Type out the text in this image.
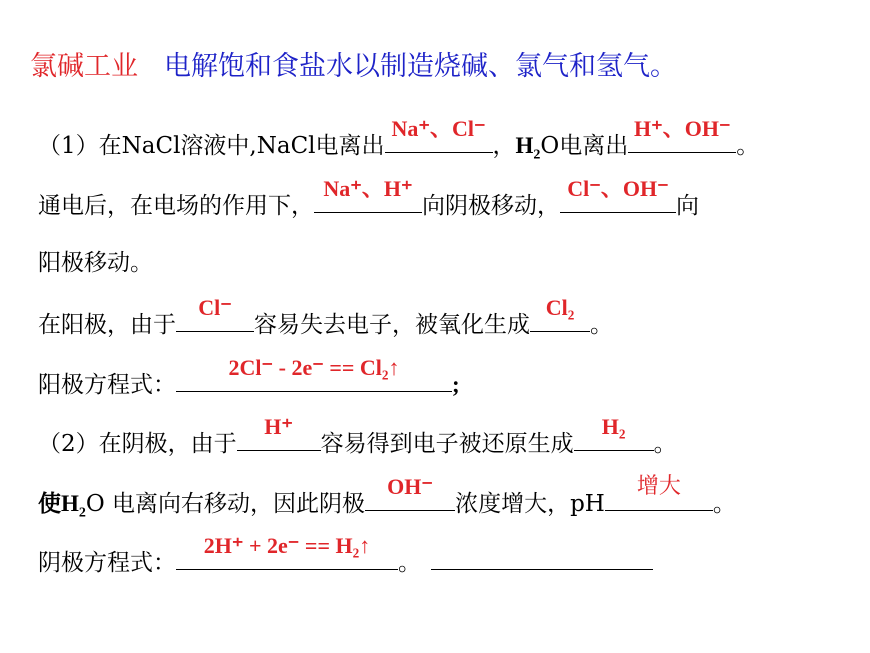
氯碱工业 电解饱和食盐水以制造烧碱、氯气和氢气。
（1）在NaCl溶液中,NaCl电离出
Na⁺、Cl⁻
，$H_2O$电离出
H⁺、OH⁻
。
通电后，在电场的作用下，
Na⁺、H⁺
向阴极移动，
Cl⁻、OH⁻
向
阳极移动。
在阳极，由于
Cl⁻
容易失去电子，被氧化生成
Cl₂
。
阳极方程式：
2Cl⁻ - 2e⁻ == Cl₂↑
;
（2）在阴极，由于
H⁺
容易得到电子被还原生成
H₂
。
使$H_2O$ 电离向右移动，因此阴极
OH⁻
浓度增大，pH
增大
。
阴极方程式：
2H⁺ + 2e⁻ == H₂↑
。
